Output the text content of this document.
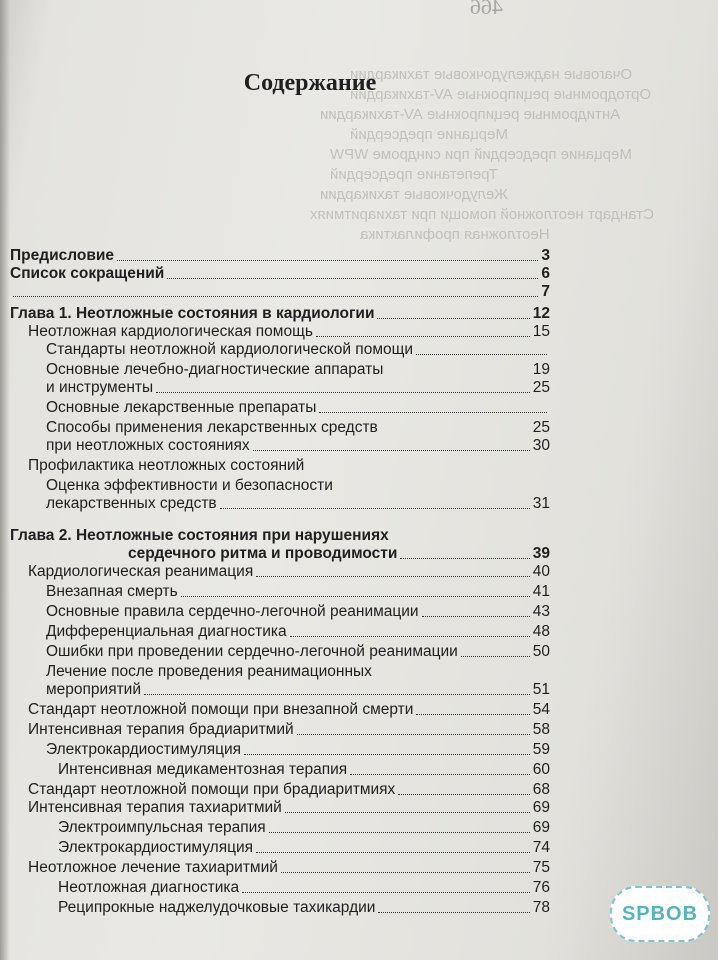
466
Очаговые наджелудочковые тахикардии
Ортодромные реципрокные AV-тахикардии
Антидромные реципрокные AV-тахикардии
Мерцание предсердий
Мерцание предсердий при синдроме WPW
Трепетание предсердий
Желудочковые тахикардии
Стандарт неотложной помощи при тахиаритмиях
Неотложная профилактика
Содержание
Предисловие	3
Список сокращений	6
7
Глава 1. Неотложные состояния в кардиологии	12
Неотложная кардиологическая помощь	15
Стандарты неотложной кардиологической помощи
Основные лечебно-диагностические аппараты	19
и инструменты	25
Основные лекарственные препараты
Способы применения лекарственных средств	25
при неотложных состояниях	30
Профилактика неотложных состояний
Оценка эффективности и безопасности
лекарственных средств	31
Глава 2. Неотложные состояния при нарушениях
сердечного ритма и проводимости	39
Кардиологическая реанимация	40
Внезапная смерть	41
Основные правила сердечно-легочной реанимации	43
Дифференциальная диагностика	48
Ошибки при проведении сердечно-легочной реанимации	50
Лечение после проведения реанимационных
мероприятий	51
Стандарт неотложной помощи при внезапной смерти	54
Интенсивная терапия брадиаритмий	58
Электрокардиостимуляция	59
Интенсивная медикаментозная терапия	60
Стандарт неотложной помощи при брадиаритмиях	68
Интенсивная терапия тахиаритмий	69
Электроимпульсная терапия	69
Электрокардиостимуляция	74
Неотложное лечение тахиаритмий	75
Неотложная диагностика	76
Реципрокные наджелудочковые тахикардии	78	SPBOB
